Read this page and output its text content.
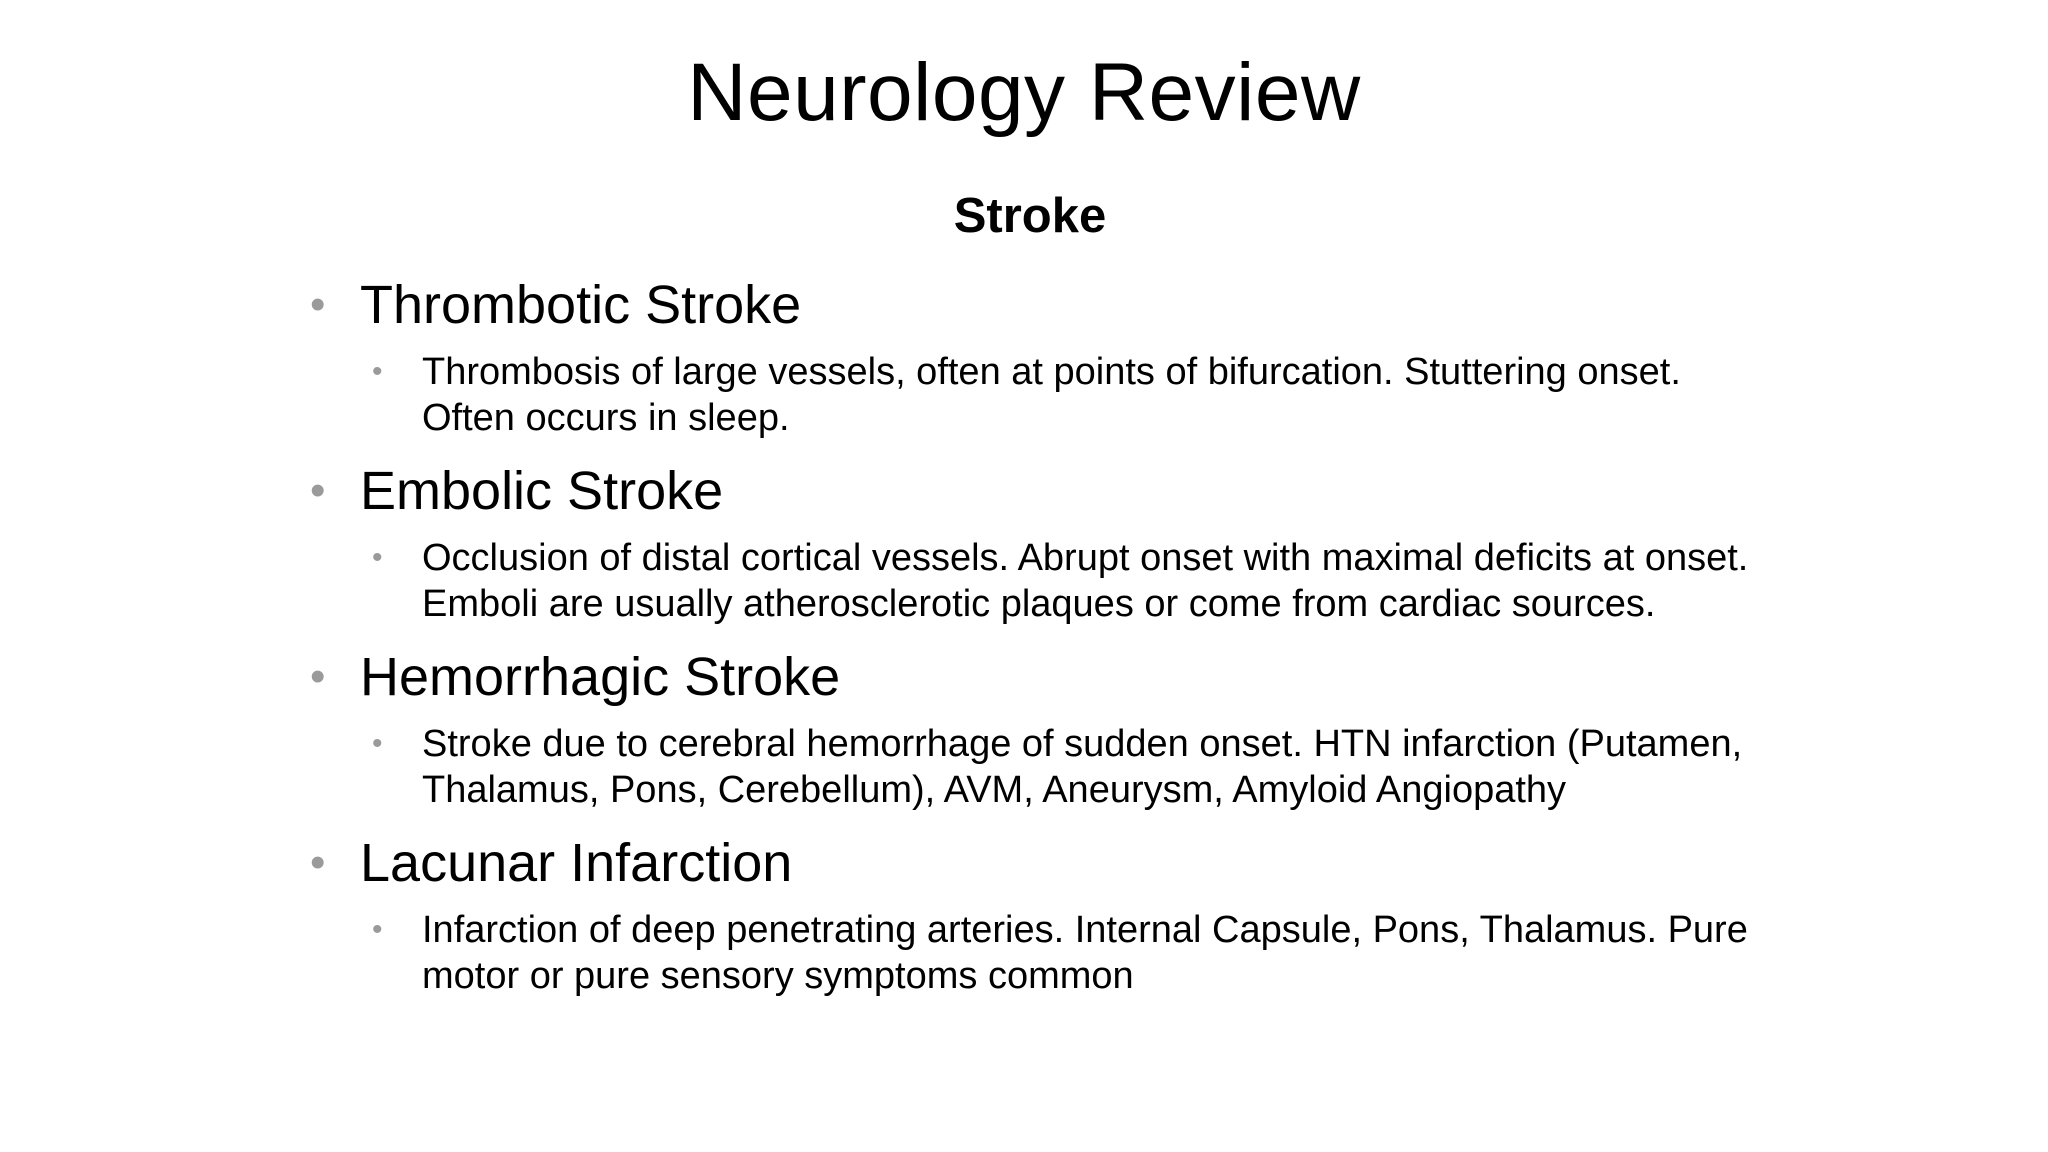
Neurology Review
Stroke

• Thrombotic Stroke

• Thrombosis of large vessels, often at points of bifurcation. Stuttering onset. Often occurs in sleep.

• Embolic Stroke

• Occlusion of distal cortical vessels. Abrupt onset with maximal deficits at onset. Emboli are usually atherosclerotic plaques or come from cardiac sources.

• Hemorrhagic Stroke

• Stroke due to cerebral hemorrhage of sudden onset. HTN infarction (Putamen, Thalamus, Pons, Cerebellum), AVM, Aneurysm, Amyloid Angiopathy

• Lacunar Infarction

• Infarction of deep penetrating arteries. Internal Capsule, Pons, Thalamus. Pure motor or pure sensory symptoms common
